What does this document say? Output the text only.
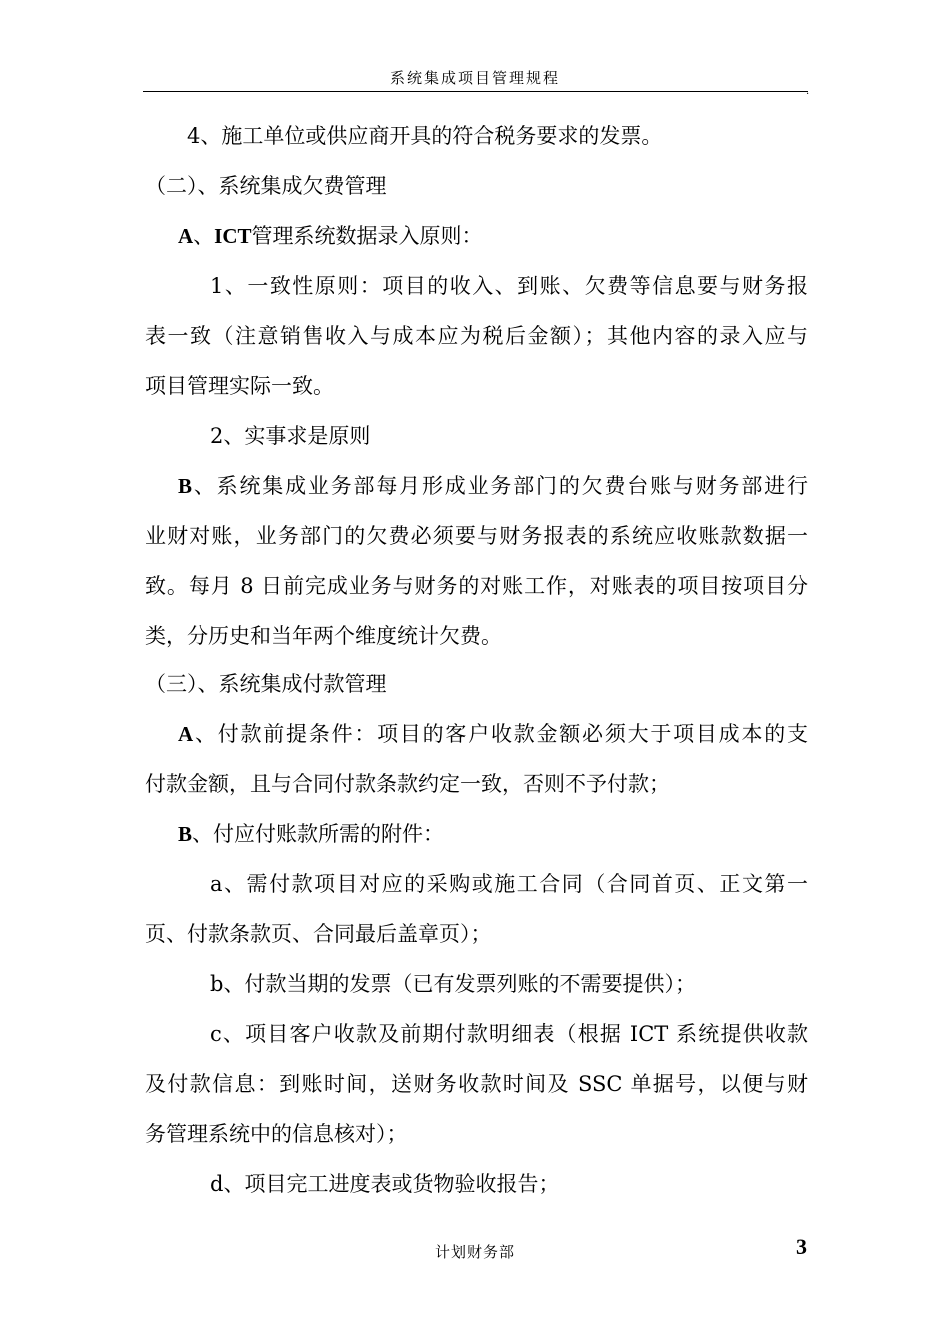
系统集成项目管理规程
.
4、施工单位或供应商开具的符合税务要求的发票。
（二）、系统集成欠费管理
A、ICT管理系统数据录入原则：
1、一致性原则：项目的收入、到账、欠费等信息要与财务报
表一致（注意销售收入与成本应为税后金额）；其他内容的录入应与
项目管理实际一致。
2、实事求是原则
B、系统集成业务部每月形成业务部门的欠费台账与财务部进行
业财对账，业务部门的欠费必须要与财务报表的系统应收账款数据一
致。每月 8 日前完成业务与财务的对账工作，对账表的项目按项目分
类，分历史和当年两个维度统计欠费。
（三）、系统集成付款管理
A、付款前提条件：项目的客户收款金额必须大于项目成本的支
付款金额，且与合同付款条款约定一致，否则不予付款；
B、付应付账款所需的附件：
a、需付款项目对应的采购或施工合同（合同首页、正文第一
页、付款条款页、合同最后盖章页）；
b、付款当期的发票（已有发票列账的不需要提供）；
c、项目客户收款及前期付款明细表（根据 ICT 系统提供收款
及付款信息：到账时间，送财务收款时间及 SSC 单据号，以便与财
务管理系统中的信息核对）；
d、项目完工进度表或货物验收报告；
计划财务部	3
